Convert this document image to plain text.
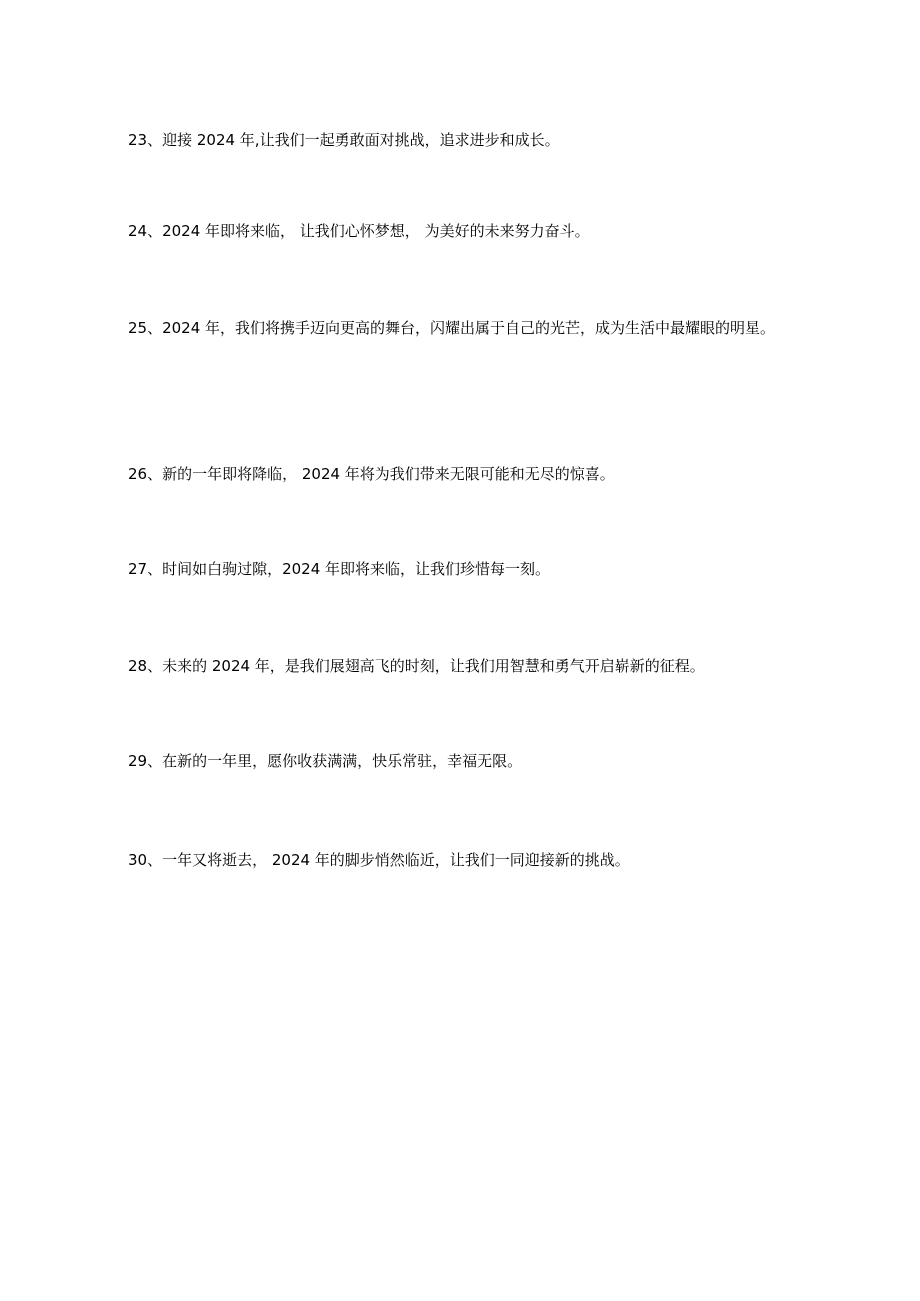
23、迎接 2024 年,让我们一起勇敢面对挑战，追求进步和成长。

24、2024 年即将来临， 让我们心怀梦想， 为美好的未来努力奋斗。

25、2024 年，我们将携手迈向更高的舞台，闪耀出属于自己的光芒，成为生活中最耀眼的明星。

26、新的一年即将降临， 2024 年将为我们带来无限可能和无尽的惊喜。

27、时间如白驹过隙，2024 年即将来临，让我们珍惜每一刻。

28、未来的 2024 年，是我们展翅高飞的时刻，让我们用智慧和勇气开启崭新的征程。

29、在新的一年里，愿你收获满满，快乐常驻，幸福无限。

30、一年又将逝去， 2024 年的脚步悄然临近，让我们一同迎接新的挑战。
